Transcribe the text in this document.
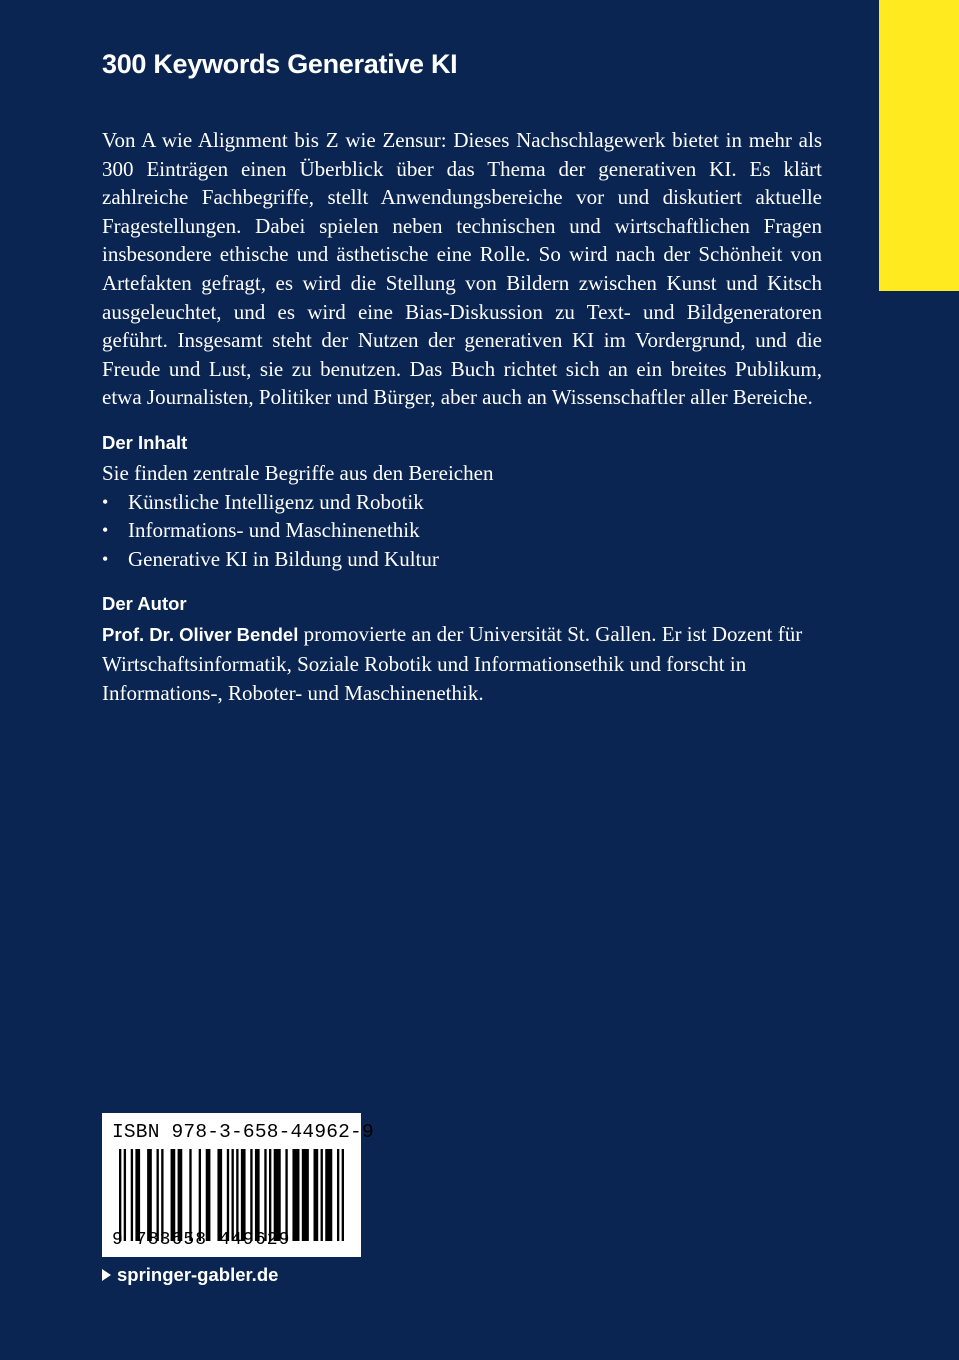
300 Keywords Generative KI

Von A wie Alignment bis Z wie Zensur: Dieses Nachschlagewerk bietet in mehr als 300 Einträgen einen Überblick über das Thema der generativen KI. Es klärt zahlreiche Fachbegriffe, stellt Anwendungsbereiche vor und diskutiert aktuelle Fragestellungen. Dabei spielen neben technischen und wirtschaftlichen Fragen insbesondere ethische und ästhetische eine Rolle. So wird nach der Schönheit von Artefakten gefragt, es wird die Stellung von Bildern zwischen Kunst und Kitsch ausgeleuchtet, und es wird eine Bias-Diskussion zu Text- und Bildgeneratoren geführt. Insgesamt steht der Nutzen der generativen KI im Vordergrund, und die Freude und Lust, sie zu benutzen. Das Buch richtet sich an ein breites Publikum, etwa Journalisten, Politiker und Bürger, aber auch an Wissenschaftler aller Bereiche.

Der Inhalt

Sie finden zentrale Begriffe aus den Bereichen

• Künstliche Intelligenz und Robotik
• Informations- und Maschinenethik
• Generative KI in Bildung und Kultur
Der Autor

Prof. Dr. Oliver Bendel promovierte an der Universität St. Gallen. Er ist Dozent für Wirtschaftsinformatik, Soziale Robotik und Informationsethik und forscht in Informations-, Roboter- und Maschinenethik.

ISBN 978-3-658-44962-9

9 783658 449629
springer-gabler.de
